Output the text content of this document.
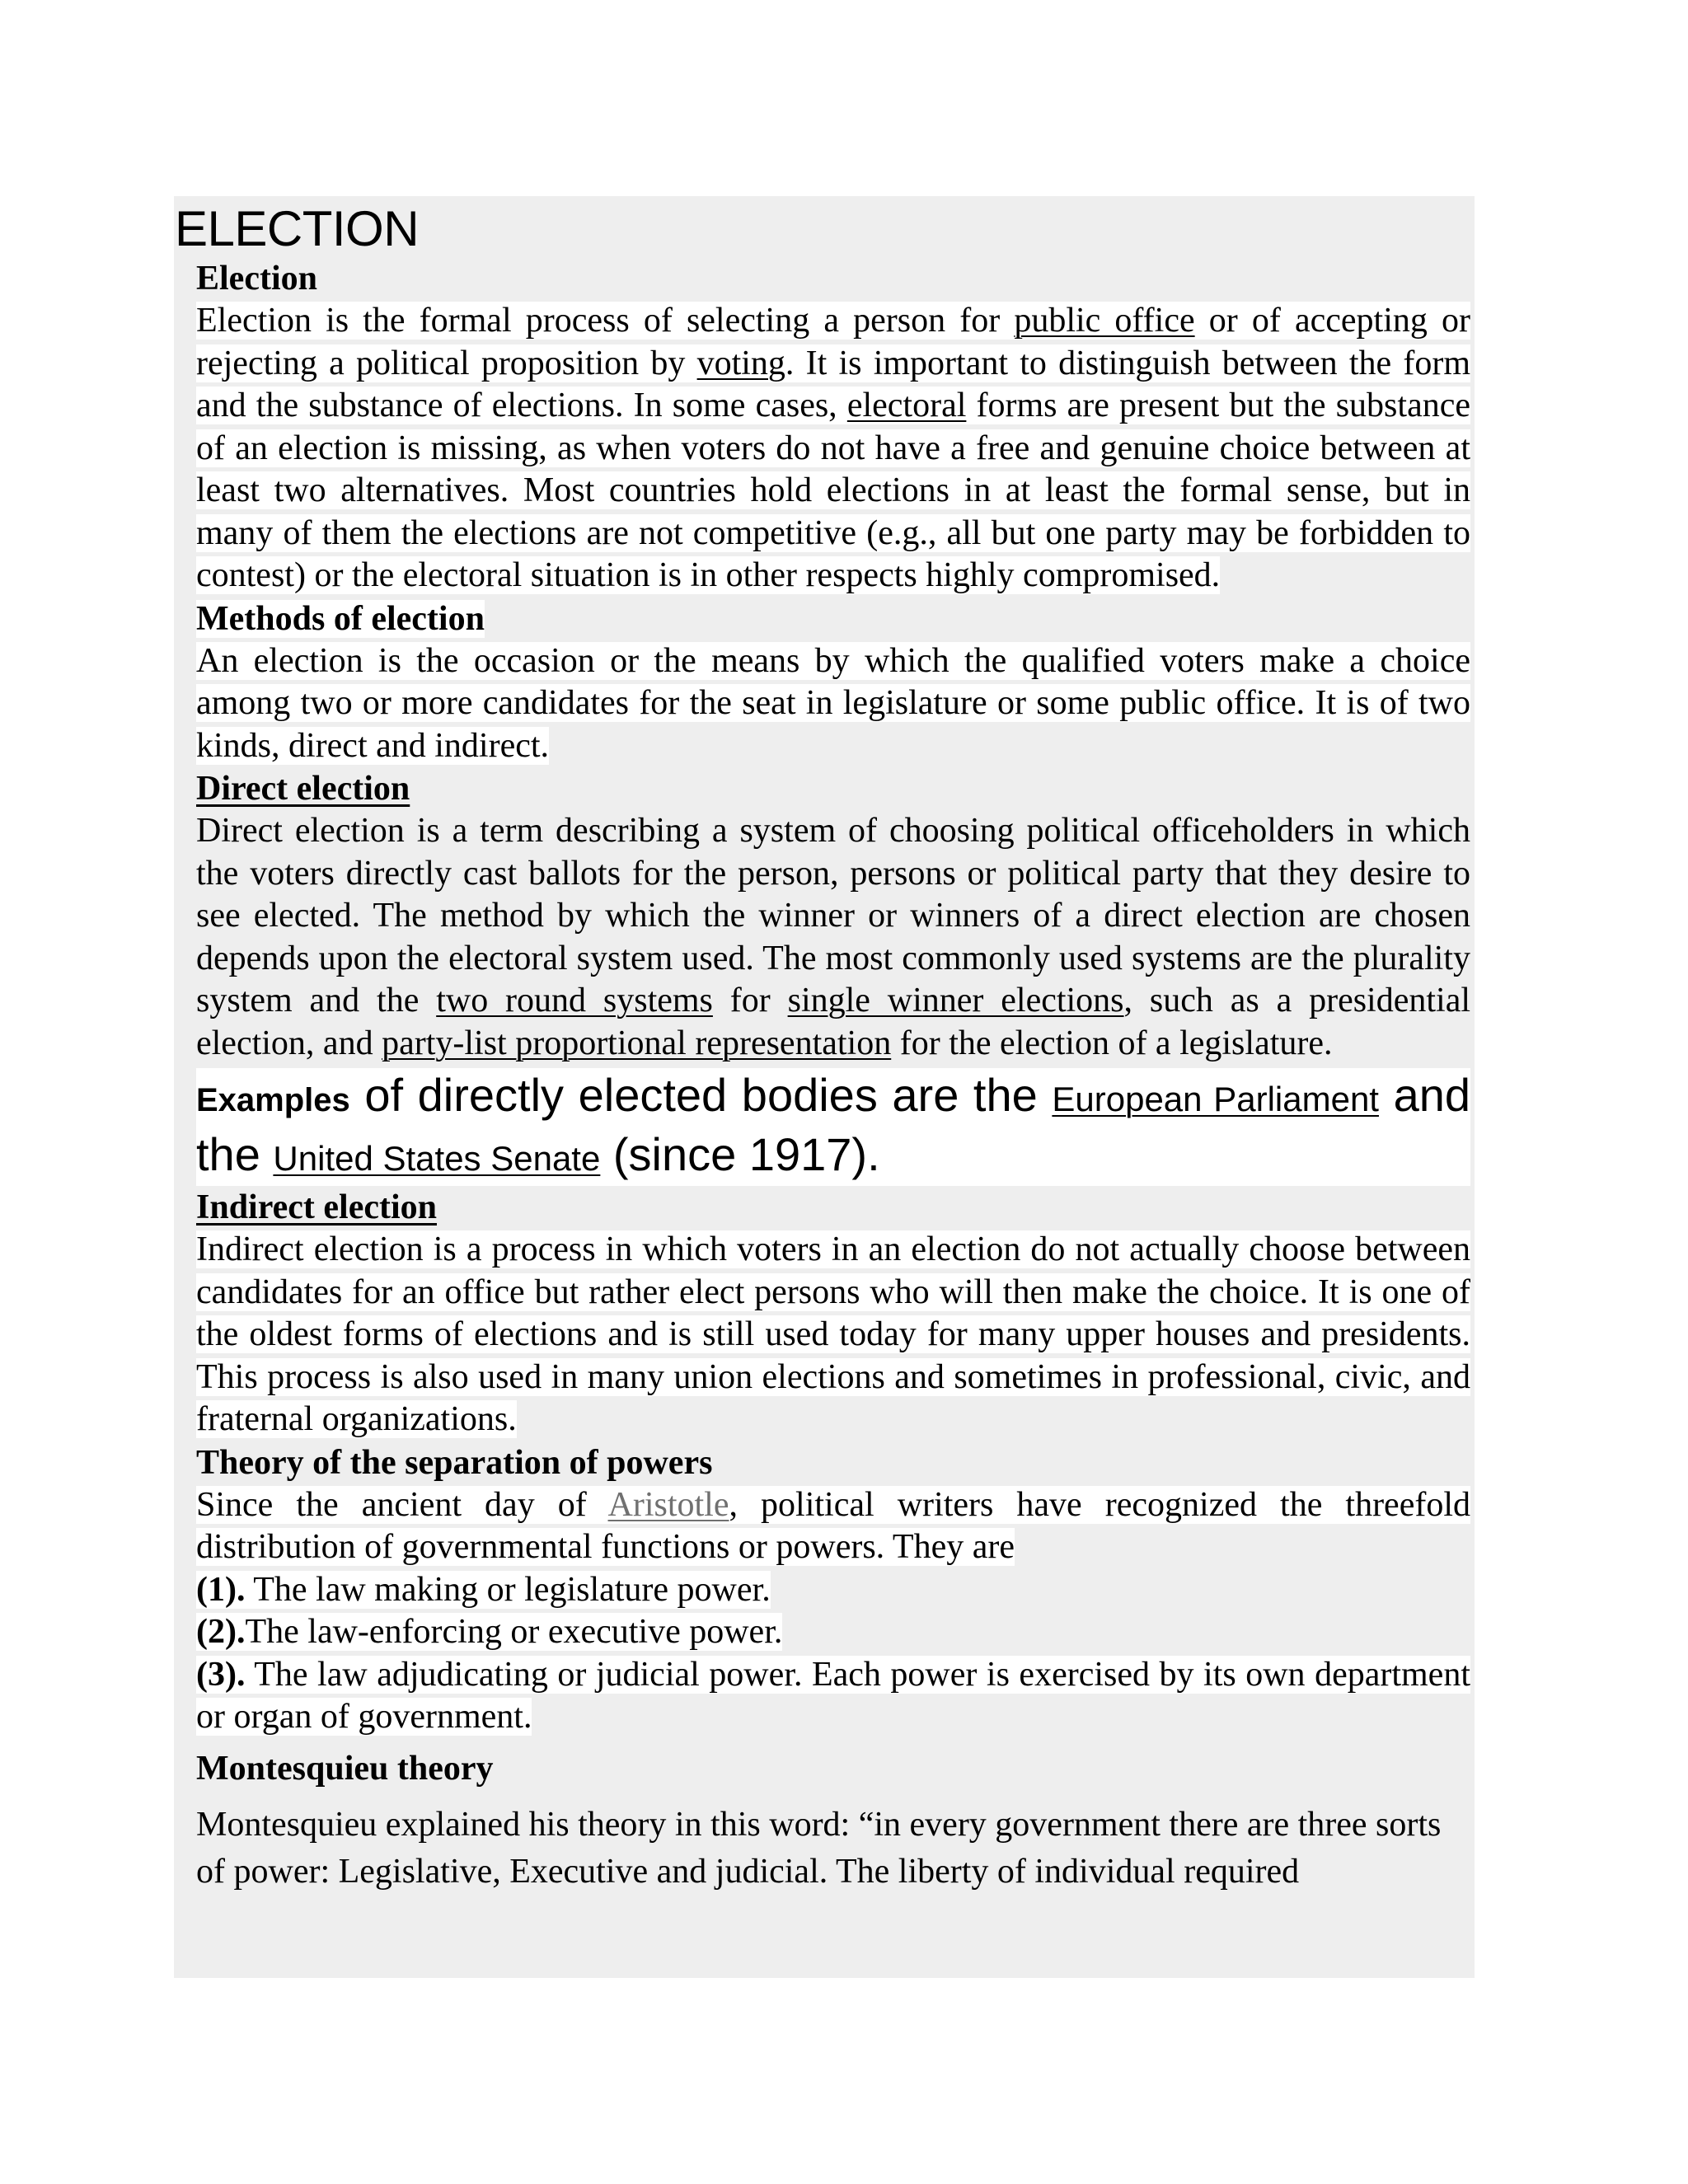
ELECTION
Election
Election is the formal process of selecting a person for public office or of accepting or rejecting a political proposition by voting. It is important to distinguish between the form and the substance of elections. In some cases, electoral forms are present but the substance of an election is missing, as when voters do not have a free and genuine choice between at least two alternatives. Most countries hold elections in at least the formal sense, but in many of them the elections are not competitive (e.g., all but one party may be forbidden to contest) or the electoral situation is in other respects highly compromised.
Methods of election
An election is the occasion or the means by which the qualified voters make a choice among two or more candidates for the seat in legislature or some public office. It is of two kinds, direct and indirect.
Direct election
Direct election is a term describing a system of choosing political officeholders in which the voters directly cast ballots for the person, persons or political party that they desire to see elected. The method by which the winner or winners of a direct election are chosen depends upon the electoral system used. The most commonly used systems are the plurality system and the two round systems for single winner elections, such as a presidential election, and party-list proportional representation for the election of a legislature.
Examples of directly elected bodies are the European Parliament and the United States Senate (since 1917).
Indirect election
Indirect election is a process in which voters in an election do not actually choose between candidates for an office but rather elect persons who will then make the choice. It is one of the oldest forms of elections and is still used today for many upper houses and presidents. This process is also used in many union elections and sometimes in professional, civic, and fraternal organizations.
Theory of the separation of powers
Since the ancient day of Aristotle, political writers have recognized the threefold distribution of governmental functions or powers. They are
(1). The law making or legislature power.
(2).The law-enforcing or executive power.
(3). The law adjudicating or judicial power. Each power is exercised by its own department or organ of government.
Montesquieu theory
Montesquieu explained his theory in this word: “in every government there are three sorts of power: Legislative, Executive and judicial. The liberty of individual required
